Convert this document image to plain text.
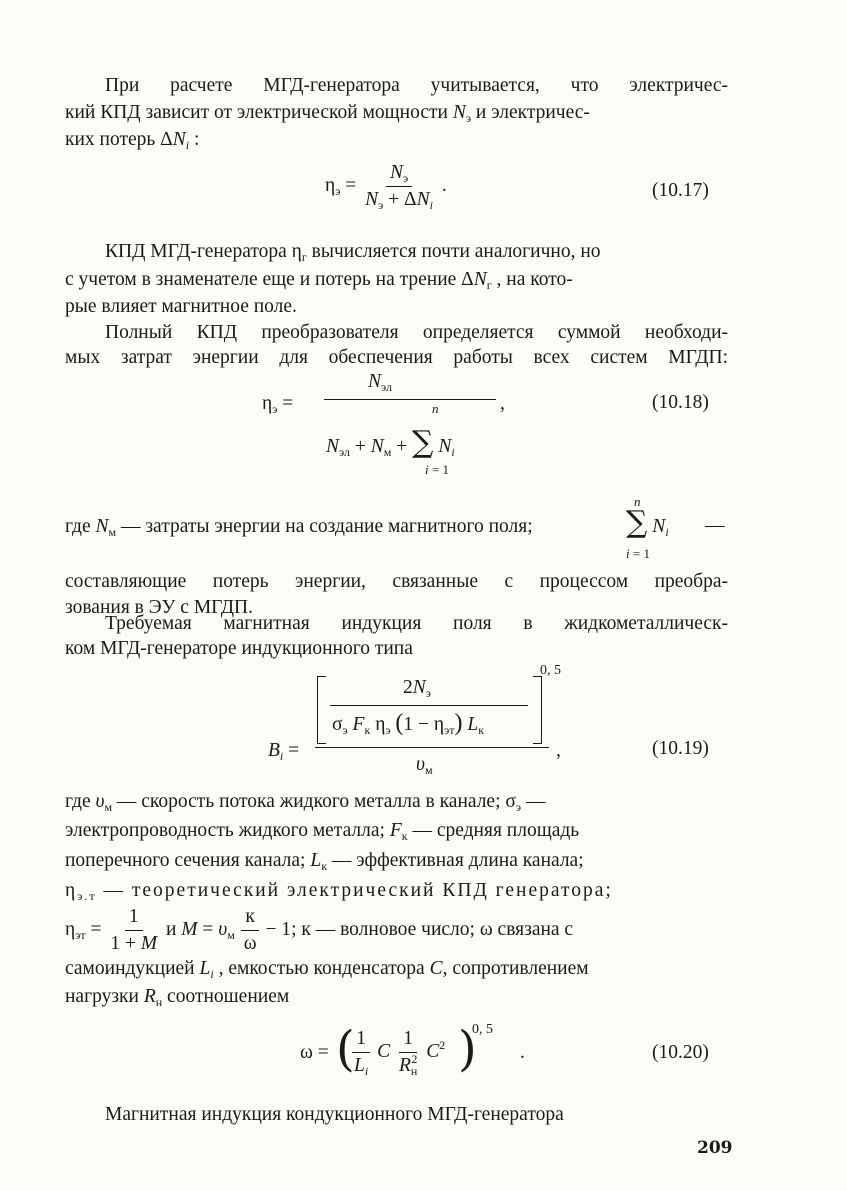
При расчете МГД-генератора учитывается, что электричес-
кий КПД зависит от электрической мощности $N_э$ и электричес-
ких потерь $\Delta N_i$ :
$\eta_э = \frac{N_э}{N_э + \Delta N_i}$ .	(10.17)
КПД МГД-генератора $\eta_г$ вычисляется почти аналогично, но
с учетом в знаменателе еще и потерь на трение $\Delta N_г$ , на кото-
рые влияет магнитное поле.
Полный КПД преобразователя определяется суммой необходи-
мых затрат энергии для обеспечения работы всех систем МГДП:
$\eta_э$ =
$N_{эл}$
,
n
$N_{эл} + N_м$ + ∑ $N_i$
i = 1
(10.18)
n
где $N_м$ — затраты энергии на создание магнитного поля;	∑ $N_i$ —
i = 1
составляющие потерь энергии, связанные с процессом преобра-
зования в ЭУ с МГДП.
Требуемая магнитная индукция поля в жидкометаллическ-
ком МГД-генераторе индукционного типа
0, 5
$2N_э$
$\sigma_э$ $F_к$ $\eta_э$ $(1 - \eta_{эт})$ $L_к$
$B_i$ =	,
$\upsilon_м$
(10.19)
где $\upsilon_м$ — скорость потока жидкого металла в канале; $\sigma_э$ —
электропроводность жидкого металла; $F_к$ — средняя площадь
поперечного сечения канала; $L_к$ — эффективная длина канала;
$\eta_{э.т}$ — теоретический электрический КПД генератора;
$\eta_{эт} = \frac{1}{1 + M}$ и $M = \upsilon_м \frac{к}{\omega} - 1$; к — волновое число; ω связана с
самоиндукцией $L_i$ , емкостью конденсатора C, сопротивлением
нагрузки $R_н$ соотношением
ω = (
$\frac{1}{L_i}$ C $\frac{1}{R_н^2} C^2$ )
0, 5
.	(10.20)
Магнитная индукция кондукционного МГД-генератора
209
